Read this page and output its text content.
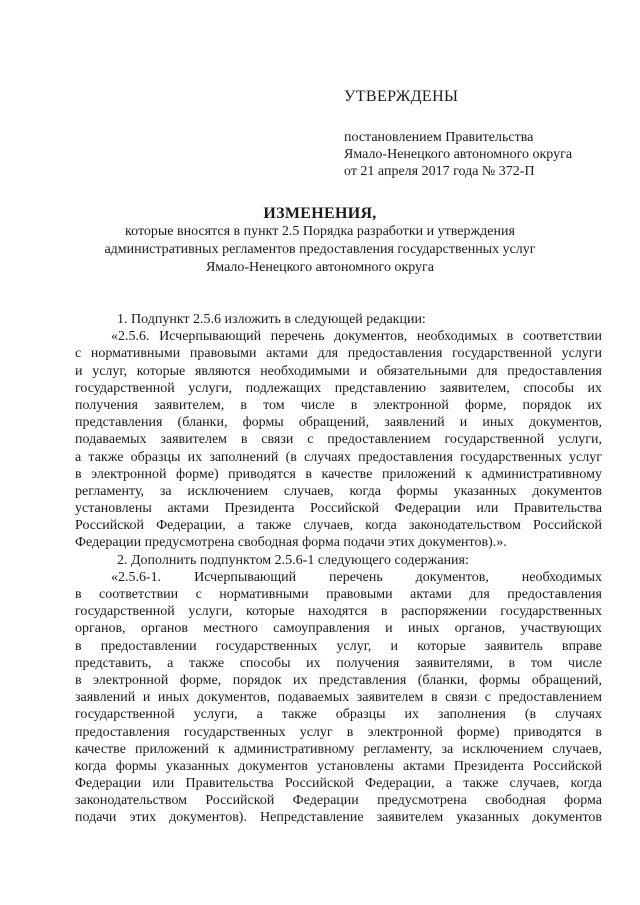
УТВЕРЖДЕНЫ
постановлением Правительства
Ямало-Ненецкого автономного округа
от 21 апреля 2017 года № 372-П
ИЗМЕНЕНИЯ,
которые вносятся в пункт 2.5 Порядка разработки и утверждения
административных регламентов предоставления государственных услуг
Ямало-Ненецкого автономного округа
1. Подпункт 2.5.6 изложить в следующей редакции:
«2.5.6. Исчерпывающий перечень документов, необходимых в соответствии
с нормативными правовыми актами для предоставления государственной услуги
и услуг, которые являются необходимыми и обязательными для предоставления
государственной услуги, подлежащих представлению заявителем, способы их
получения заявителем, в том числе в электронной форме, порядок их
представления (бланки, формы обращений, заявлений и иных документов,
подаваемых заявителем в связи с предоставлением государственной услуги,
а также образцы их заполнений (в случаях предоставления государственных услуг
в электронной форме) приводятся в качестве приложений к административному
регламенту, за исключением случаев, когда формы указанных документов
установлены актами Президента Российской Федерации или Правительства
Российской Федерации, а также случаев, когда законодательством Российской
Федерации предусмотрена свободная форма подачи этих документов).».
2. Дополнить подпунктом 2.5.6-1 следующего содержания:
«2.5.6-1. Исчерпывающий перечень документов, необходимых
в соответствии с нормативными правовыми актами для предоставления
государственной услуги, которые находятся в распоряжении государственных
органов, органов местного самоуправления и иных органов, участвующих
в предоставлении государственных услуг, и которые заявитель вправе
представить, а также способы их получения заявителями, в том числе
в электронной форме, порядок их представления (бланки, формы обращений,
заявлений и иных документов, подаваемых заявителем в связи с предоставлением
государственной услуги, а также образцы их заполнения (в случаях
предоставления государственных услуг в электронной форме) приводятся в
качестве приложений к административному регламенту, за исключением случаев,
когда формы указанных документов установлены актами Президента Российской
Федерации или Правительства Российской Федерации, а также случаев, когда
законодательством Российской Федерации предусмотрена свободная форма
подачи этих документов). Непредставление заявителем указанных документов
